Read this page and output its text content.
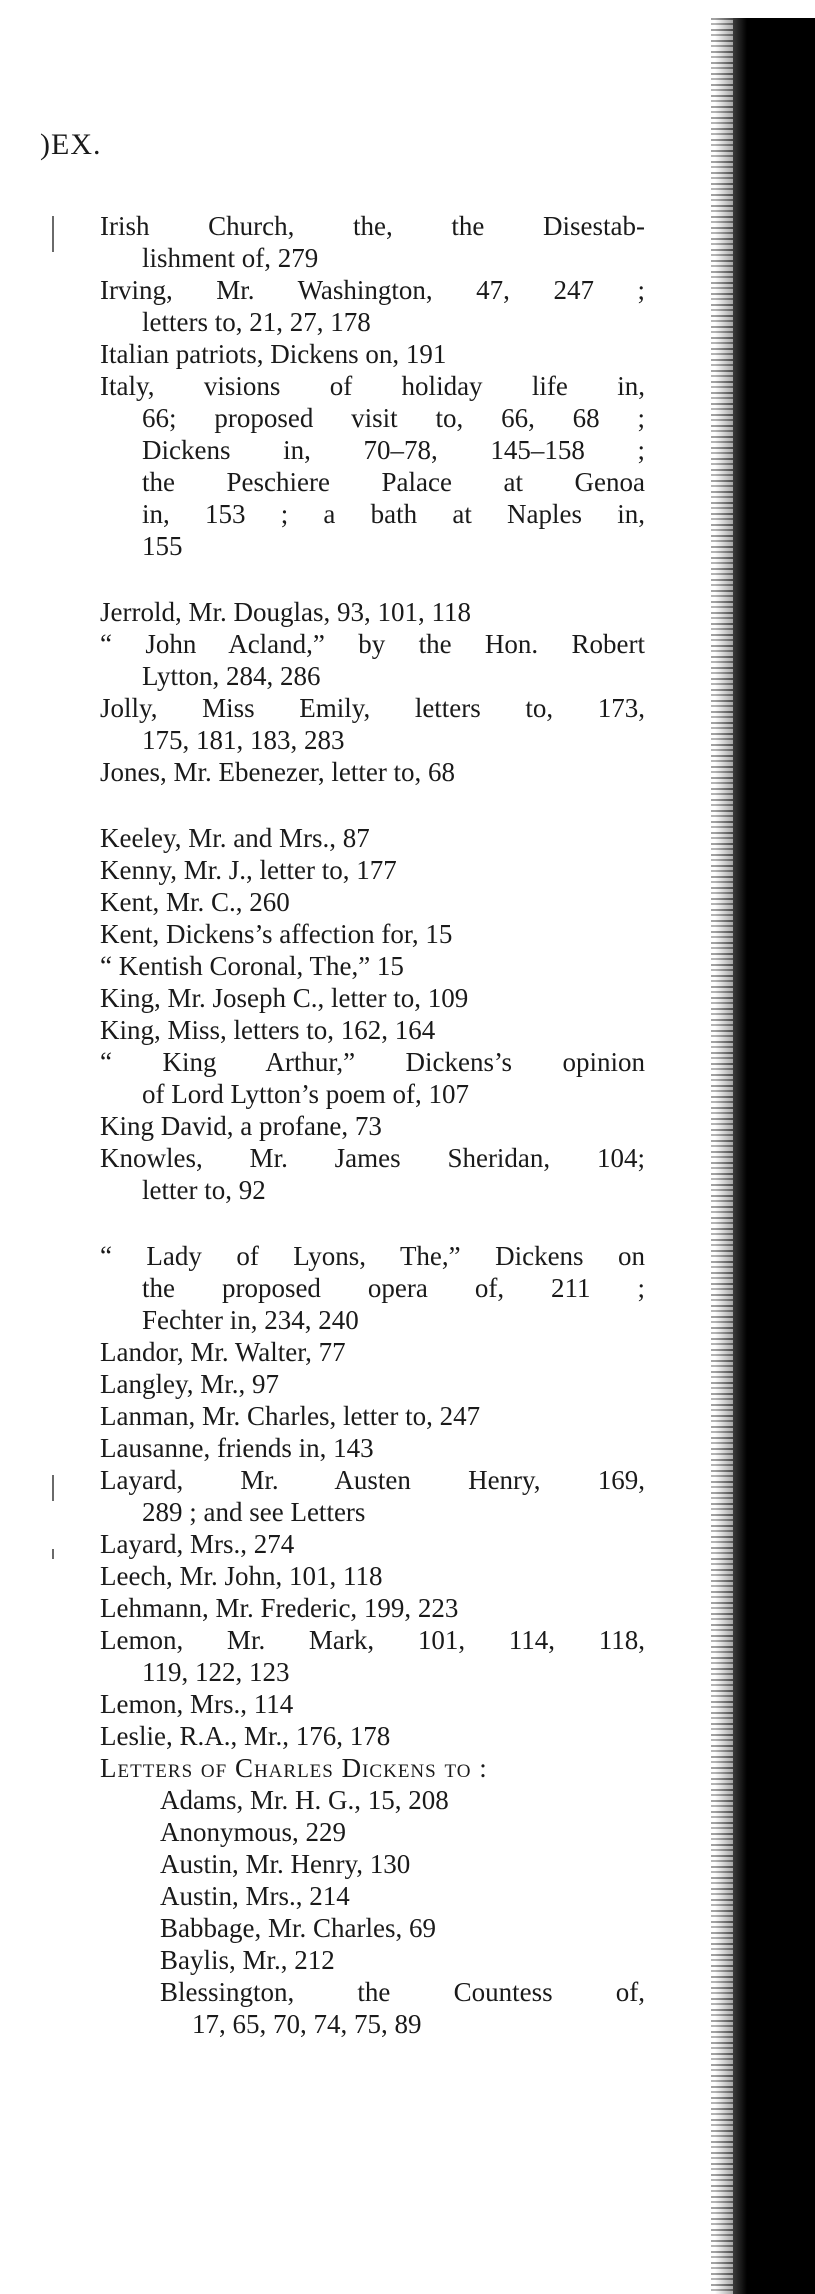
)EX.
Irish Church, the, the Disestab-
lishment of, 279
Irving, Mr. Washington, 47, 247 ;
letters to, 21, 27, 178
Italian patriots, Dickens on, 191
Italy, visions of holiday life in,
66; proposed visit to, 66, 68 ;
Dickens in, 70–78, 145–158 ;
the Peschiere Palace at Genoa
in, 153 ; a bath at Naples in,
155
Jerrold, Mr. Douglas, 93, 101, 118
“ John Acland,” by the Hon. Robert
Lytton, 284, 286
Jolly, Miss Emily, letters to, 173,
175, 181, 183, 283
Jones, Mr. Ebenezer, letter to, 68
Keeley, Mr. and Mrs., 87
Kenny, Mr. J., letter to, 177
Kent, Mr. C., 260
Kent, Dickens’s affection for, 15
“ Kentish Coronal, The,” 15
King, Mr. Joseph C., letter to, 109
King, Miss, letters to, 162, 164
“ King Arthur,” Dickens’s opinion
of Lord Lytton’s poem of, 107
King David, a profane, 73
Knowles, Mr. James Sheridan, 104;
letter to, 92
“ Lady of Lyons, The,” Dickens on
the proposed opera of, 211 ;
Fechter in, 234, 240
Landor, Mr. Walter, 77
Langley, Mr., 97
Lanman, Mr. Charles, letter to, 247
Lausanne, friends in, 143
Layard, Mr. Austen Henry, 169,
289 ; and see Letters
Layard, Mrs., 274
Leech, Mr. John, 101, 118
Lehmann, Mr. Frederic, 199, 223
Lemon, Mr. Mark, 101, 114, 118,
119, 122, 123
Lemon, Mrs., 114
Leslie, R.A., Mr., 176, 178
Letters of Charles Dickens to :
Adams, Mr. H. G., 15, 208
Anonymous, 229
Austin, Mr. Henry, 130
Austin, Mrs., 214
Babbage, Mr. Charles, 69
Baylis, Mr., 212
Blessington, the Countess of,
17, 65, 70, 74, 75, 89
